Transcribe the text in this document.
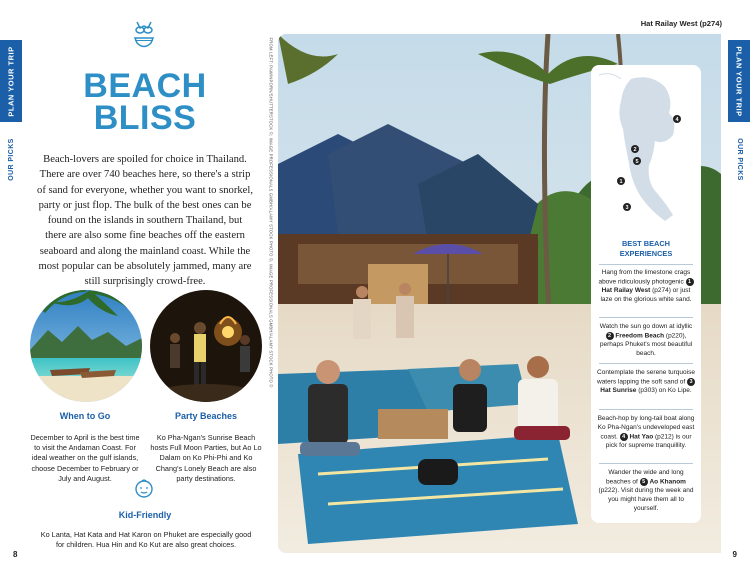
PLAN YOUR TRIP
OUR PICKS
PLAN YOUR TRIP
OUR PICKS
BEACH
BLISS

Beach-lovers are spoiled for choice in Thailand. There are over 740 beaches here, so there's a strip of sand for everyone, whether you want to snorkel, party or just flop. The bulk of the best ones can be found on the islands in southern Thailand, but there are also some fine beaches off the eastern seaboard and along the mainland coast. While the most popular can be absolutely jammed, many are still surprisingly crowd-free.

When to Go

December to April is the best time to visit the Andaman Coast. For ideal weather on the gulf islands, choose December to February or July and August.

Party Beaches

Ko Pha-Ngan's Sunrise Beach hosts Full Moon Parties, but Ao Lo Dalam on Ko Phi-Phi and Ko Chang's Lonely Beach are also party destinations.

Kid-Friendly

Ko Lanta, Hat Kata and Hat Karon on Phuket are especially good for children. Hua Hin and Ko Kut are also great choices.

8
FROM LEFT: PAWINPORN/SHUTTERSTOCK ©; IMAGE PROFESSIONALS GMBH/ALAMY STOCK PHOTO ©; IMAGE PROFESSIONALS GMBH/ALAMY STOCK PHOTO ©
Hat Railay West (p274)
4
2
5
1
3
BEST BEACH
EXPERIENCES

Hang from the limestone crags above ridiculously photogenic 1 Hat Railay West (p274) or just laze on the glorious white sand.

Watch the sun go down at idyllic 2 Freedom Beach (p220), perhaps Phuket's most beautiful beach.

Contemplate the serene turquoise waters lapping the soft sand of 3 Hat Sunrise (p303) on Ko Lipe.

Beach-hop by long-tail boat along Ko Pha-Ngan's undeveloped east coast. 4 Hat Yao (p212) is our pick for supreme tranquillity.

Wander the wide and long beaches of 5 Ao Khanom (p222). Visit during the week and you might have them all to yourself.

9
